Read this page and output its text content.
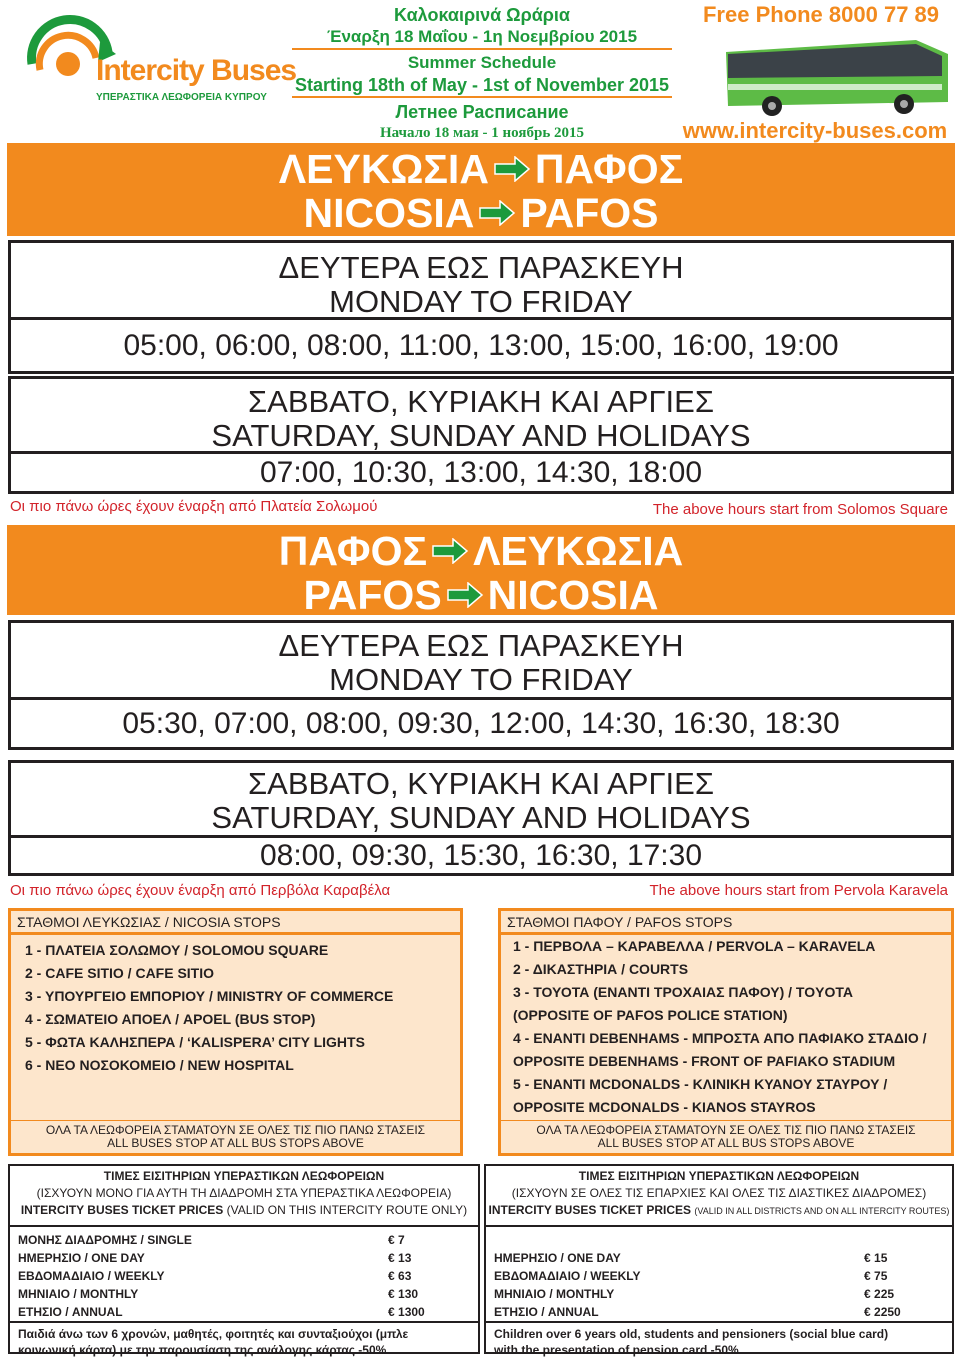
Intercity Buses
ΥΠΕΡΑΣΤΙΚΑ ΛΕΩΦΟΡΕΙΑ ΚΥΠΡΟΥ
Καλοκαιρινά Ωράρια
Έναρξη 18 Μαΐου - 1η Νοεμβρίου 2015
Summer Schedule
Starting 18th of May - 1st of November 2015
Летнее Расписание
Начало 18 мая - 1 ноябрь 2015
Free Phone 8000 77 89
www.intercity-buses.com
ΛΕΥΚΩΣΙΑ ΠΑΦΟΣ
NICOSIA PAFOS
ΔΕΥΤΕΡΑ ΕΩΣ ΠΑΡΑΣΚΕΥΗ
MONDAY TO FRIDAY
05:00, 06:00, 08:00, 11:00, 13:00, 15:00, 16:00, 19:00
ΣΑΒΒΑΤΟ, ΚΥΡΙΑΚΗ ΚΑΙ ΑΡΓΙΕΣ
SATURDAY, SUNDAY AND HOLIDAYS
07:00, 10:30, 13:00, 14:30, 18:00
Οι πιο πάνω ώρες έχουν έναρξη από Πλατεία Σολωμού	The above hours start from Solomos Square
ΠΑΦΟΣ ΛΕΥΚΩΣΙΑ
PAFOS NICOSIA
ΔΕΥΤΕΡΑ ΕΩΣ ΠΑΡΑΣΚΕΥΗ
MONDAY TO FRIDAY
05:30, 07:00, 08:00, 09:30, 12:00, 14:30, 16:30, 18:30
ΣΑΒΒΑΤΟ, ΚΥΡΙΑΚΗ ΚΑΙ ΑΡΓΙΕΣ
SATURDAY, SUNDAY AND HOLIDAYS
08:00, 09:30, 15:30, 16:30, 17:30
Οι πιο πάνω ώρες έχουν έναρξη από Περβόλα Καραβέλα	The above hours start from Pervola Karavela
ΣΤΑΘΜΟΙ ΛΕΥΚΩΣΙΑΣ / NICOSIA STOPS
1 - ΠΛΑΤΕΙΑ ΣΟΛΩΜΟΥ / SOLOMOU SQUARE
2 - CAFE SITIO / CAFE SITIO
3 - ΥΠΟΥΡΓΕΙΟ ΕΜΠΟΡΙΟΥ / MINISTRY OF COMMERCE
4 - ΣΩΜΑΤΕΙΟ ΑΠΟΕΛ / APOEL (BUS STOP)
5 - ΦΩΤΑ ΚΑΛΗΣΠΕΡΑ / ‘KALISPERA’ CITY LIGHTS
6 - ΝΕΟ ΝΟΣΟΚΟΜΕΙΟ / NEW HOSPITAL
ΟΛΑ ΤΑ ΛΕΩΦΟΡΕΙΑ ΣΤΑΜΑΤΟΥΝ ΣΕ ΟΛΕΣ ΤΙΣ ΠΙΟ ΠΑΝΩ ΣΤΑΣΕΙΣ
ALL BUSES STOP AT ALL BUS STOPS ABOVE
ΣΤΑΘΜΟΙ ΠΑΦΟΥ / PAFOS STOPS
1 - ΠΕΡΒΟΛΑ – ΚΑΡΑΒΕΛΛΑ / PERVOLA – KARAVELA
2 - ΔΙΚΑΣΤΗΡΙΑ / COURTS
3 - ΤΟΥΟΤΑ (ΕΝΑΝΤΙ ΤΡΟΧΑΙΑΣ ΠΑΦΟΥ) / TOYOTA
(OPPOSITE OF PAFOS POLICE STATION)
4 - ΕΝΑΝΤΙ DEBENHAMS - ΜΠΡΟΣΤΑ ΑΠΟ ΠΑΦΙΑΚΟ ΣΤΑΔΙΟ /
OPPOSITE DEBENHAMS - FRONT OF PAFIAKO STADIUM
5 - ΕΝΑΝΤΙ MCDONALDS - ΚΛΙΝΙΚΗ ΚΥΑΝΟΥ ΣΤΑΥΡΟΥ /
OPPOSITE MCDONALDS - KIANOS STAYROS
ΟΛΑ ΤΑ ΛΕΩΦΟΡΕΙΑ ΣΤΑΜΑΤΟΥΝ ΣΕ ΟΛΕΣ ΤΙΣ ΠΙΟ ΠΑΝΩ ΣΤΑΣΕΙΣ
ALL BUSES STOP AT ALL BUS STOPS ABOVE
ΤΙΜΕΣ ΕΙΣΙΤΗΡΙΩΝ ΥΠΕΡΑΣΤΙΚΩΝ ΛΕΩΦΟΡΕΙΩΝ
(ΙΣΧΥΟΥΝ ΜΟΝΟ ΓΙΑ ΑΥΤΗ ΤΗ ΔΙΑΔΡΟΜΗ ΣΤΑ ΥΠΕΡΑΣΤΙΚΑ ΛΕΩΦΟΡΕΙΑ)
INTERCITY BUSES TICKET PRICES (VALID ON THIS INTERCITY ROUTE ONLY)
ΜΟΝΗΣ ΔΙΑΔΡΟΜΗΣ / SINGLE	€ 7
ΗΜΕΡΗΣΙΟ / ONE DAY	€ 13
ΕΒΔΟΜΑΔΙΑΙΟ / WEEKLY	€ 63
ΜΗΝΙΑΙΟ / MONTHLY	€ 130
ΕΤΗΣΙΟ / ANNUAL	€ 1300
Παιδιά άνω των 6 χρονών, μαθητές, φοιτητές και συνταξιούχοι (μπλε
κοινωνική κάρτα) με την παρουσίαση της ανάλογης κάρτας -50%
ΤΙΜΕΣ ΕΙΣΙΤΗΡΙΩΝ ΥΠΕΡΑΣΤΙΚΩΝ ΛΕΩΦΟΡΕΙΩΝ
(ΙΣΧΥΟΥΝ ΣΕ ΟΛΕΣ ΤΙΣ ΕΠΑΡΧΙΕΣ ΚΑΙ ΟΛΕΣ ΤΙΣ ΔΙΑΣΤΙΚΕΣ ΔΙΑΔΡΟΜΕΣ)
INTERCITY BUSES TICKET PRICES (VALID IN ALL DISTRICTS AND ON ALL INTERCITY ROUTES)
ΗΜΕΡΗΣΙΟ / ONE DAY	€ 15
ΕΒΔΟΜΑΔΙΑΙΟ / WEEKLY	€ 75
ΜΗΝΙΑΙΟ / MONTHLY	€ 225
ΕΤΗΣΙΟ / ANNUAL	€ 2250
Children over 6 years old, students and pensioners (social blue card)
with the presentation of pension card -50%
